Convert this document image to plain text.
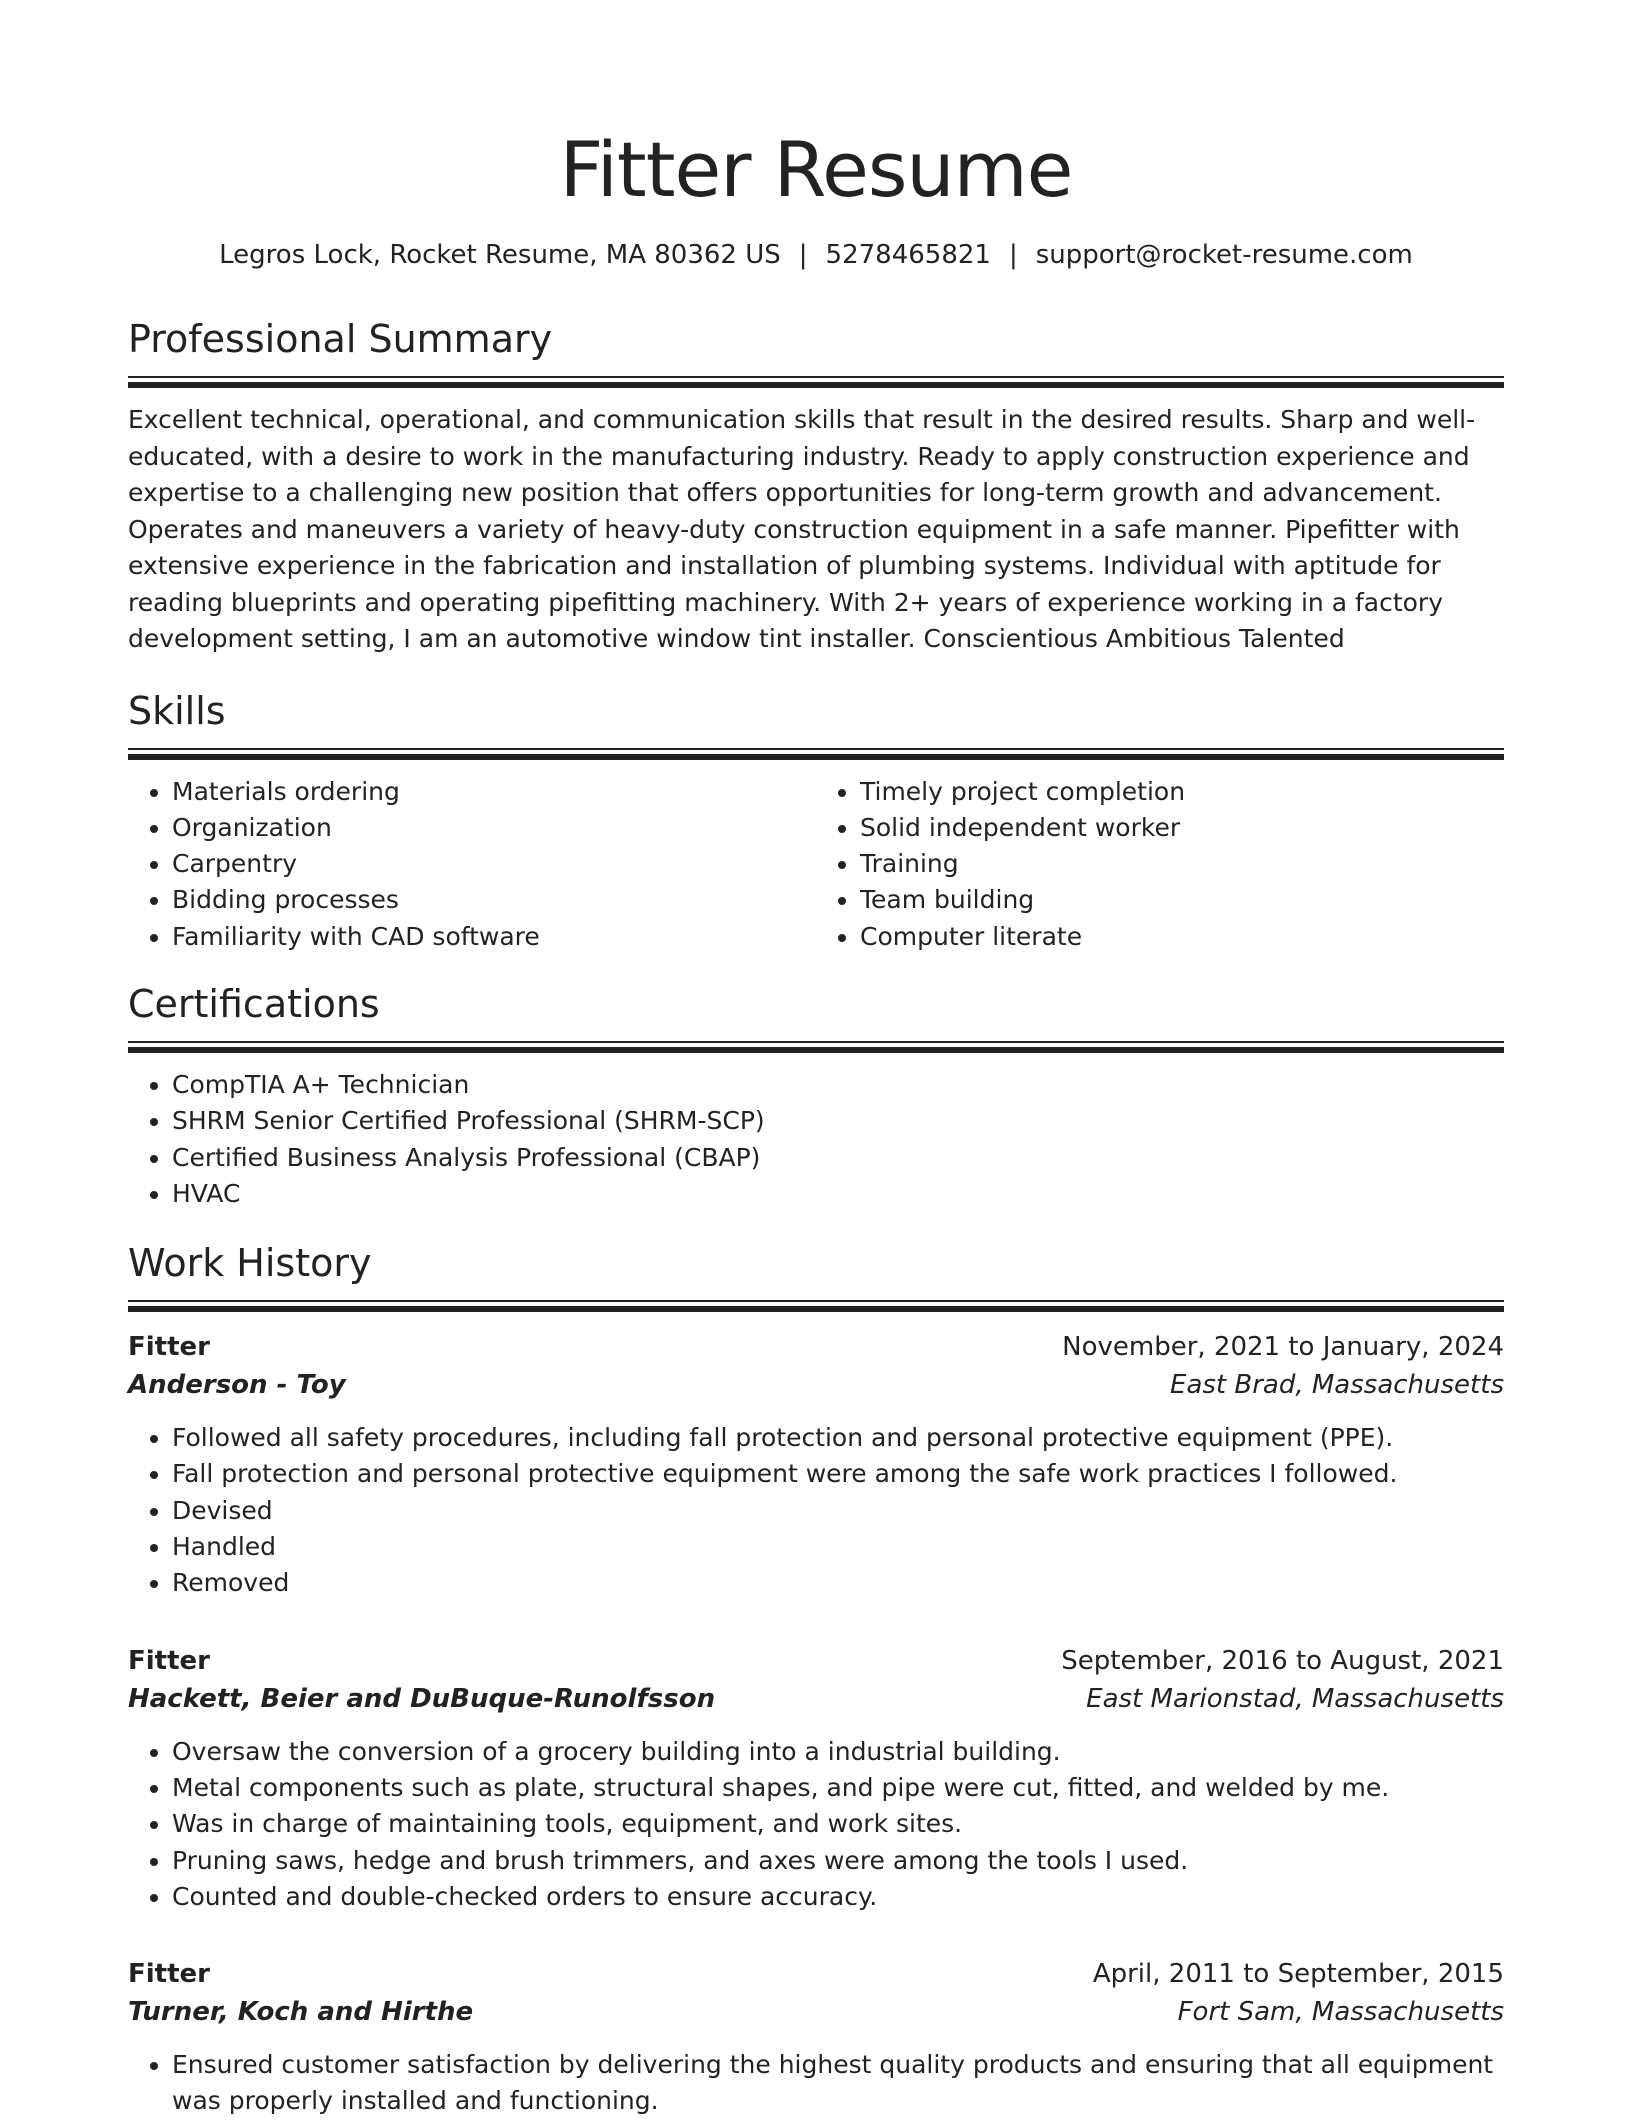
Fitter Resume
Legros Lock, Rocket Resume, MA 80362 US | 5278465821 | support@rocket-resume.com
Professional Summary

Excellent technical, operational, and communication skills that result in the desired results. Sharp and well-educated, with a desire to work in the manufacturing industry. Ready to apply construction experience and expertise to a challenging new position that offers opportunities for long-term growth and advancement. Operates and maneuvers a variety of heavy-duty construction equipment in a safe manner. Pipefitter with extensive experience in the fabrication and installation of plumbing systems. Individual with aptitude for reading blueprints and operating pipefitting machinery. With 2+ years of experience working in a factory development setting, I am an automotive window tint installer. Conscientious Ambitious Talented

Skills
• Materials ordering
• Organization
• Carpentry
• Bidding processes
• Familiarity with CAD software
• Timely project completion
• Solid independent worker
• Training
• Team building
• Computer literate
Certifications
• CompTIA A+ Technician
• SHRM Senior Certified Professional (SHRM-SCP)
• Certified Business Analysis Professional (CBAP)
• HVAC
Work History
Fitter	November, 2021 to January, 2024
Anderson - Toy	East Brad, Massachusetts
• Followed all safety procedures, including fall protection and personal protective equipment (PPE).
• Fall protection and personal protective equipment were among the safe work practices I followed.
• Devised
• Handled
• Removed
Fitter	September, 2016 to August, 2021
Hackett, Beier and DuBuque-Runolfsson	East Marionstad, Massachusetts
• Oversaw the conversion of a grocery building into a industrial building.
• Metal components such as plate, structural shapes, and pipe were cut, fitted, and welded by me.
• Was in charge of maintaining tools, equipment, and work sites.
• Pruning saws, hedge and brush trimmers, and axes were among the tools I used.
• Counted and double-checked orders to ensure accuracy.
Fitter	April, 2011 to September, 2015
Turner, Koch and Hirthe	Fort Sam, Massachusetts
• Ensured customer satisfaction by delivering the highest quality products and ensuring that all equipment was properly installed and functioning.
